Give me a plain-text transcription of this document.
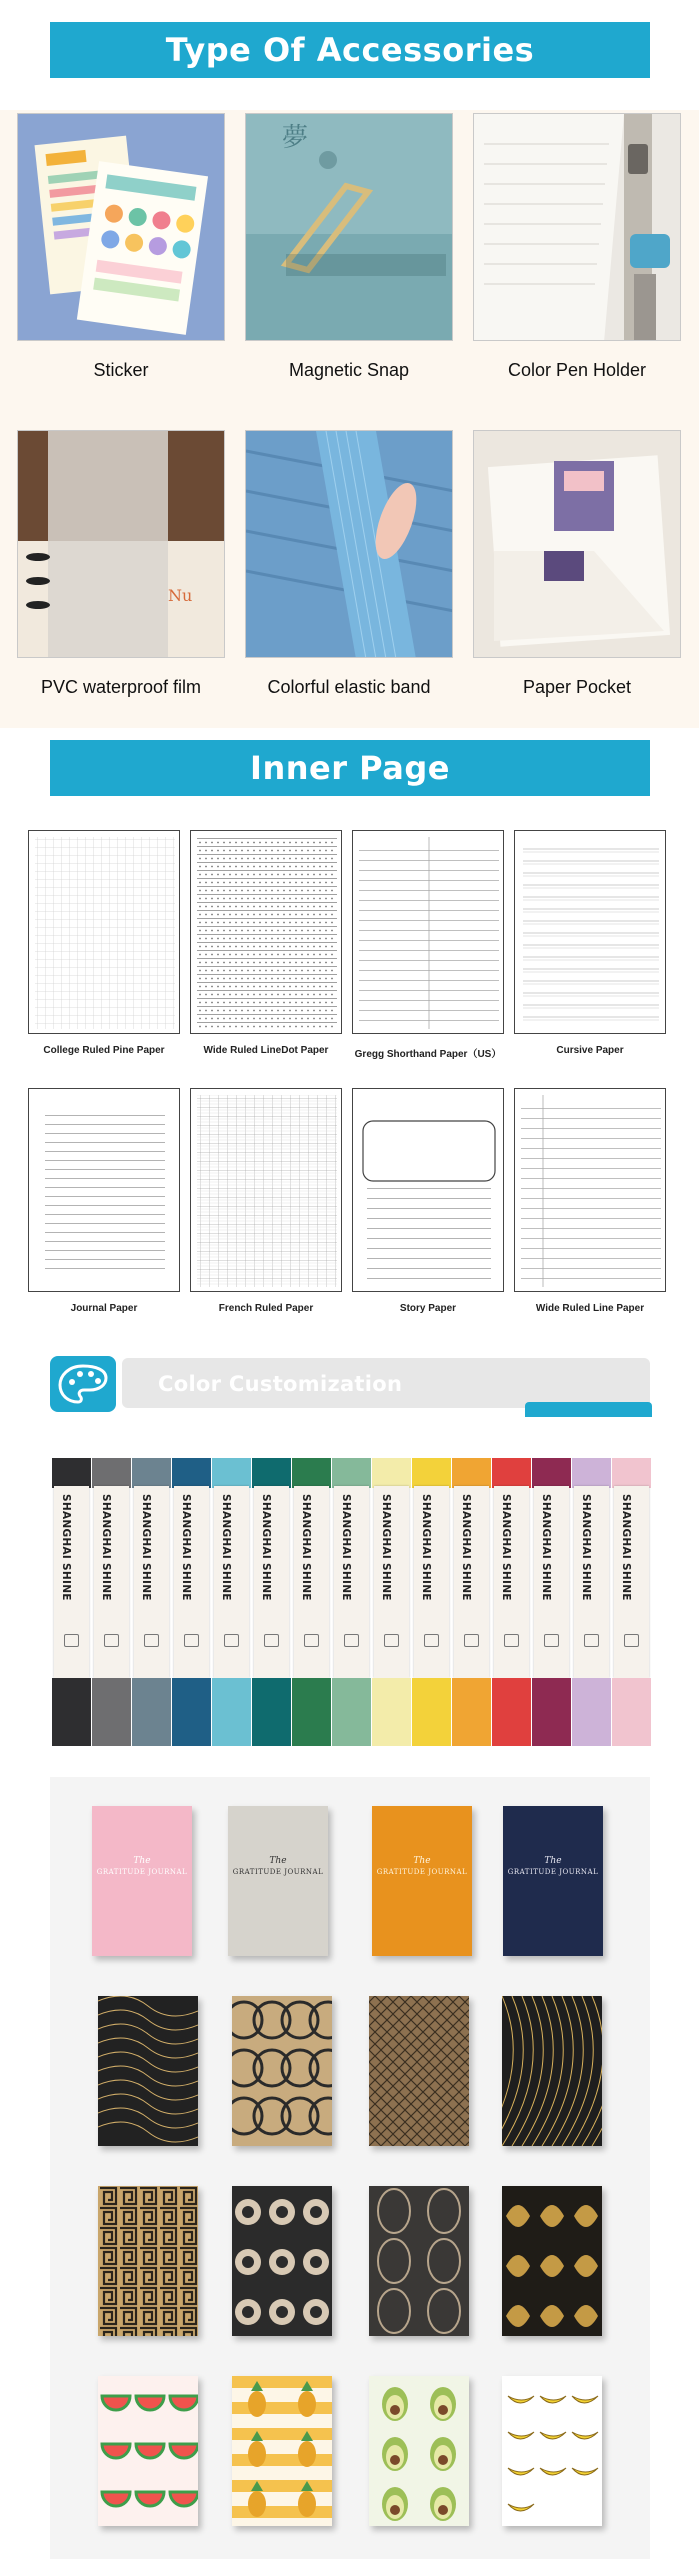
Type Of Accessories
夢
Sticker	Magnetic Snap	Color Pen Holder
Nu
PVC waterproof film	Colorful elastic band	Paper Pocket
Inner Page
College Ruled Pine Paper	Wide Ruled LineDot Paper	Gregg Shorthand Paper（US）	Cursive Paper
Journal Paper	French Ruled Paper	Story Paper	Wide Ruled Line Paper
Color Customization
SHANGHAI SHINE	SHANGHAI SHINE	SHANGHAI SHINE	SHANGHAI SHINE	SHANGHAI SHINE	SHANGHAI SHINE	SHANGHAI SHINE	SHANGHAI SHINE	SHANGHAI SHINE	SHANGHAI SHINE	SHANGHAI SHINE	SHANGHAI SHINE	SHANGHAI SHINE	SHANGHAI SHINE	SHANGHAI SHINE
The
GRATITUDE JOURNAL
The
GRATITUDE JOURNAL
The
GRATITUDE JOURNAL
The
GRATITUDE JOURNAL
